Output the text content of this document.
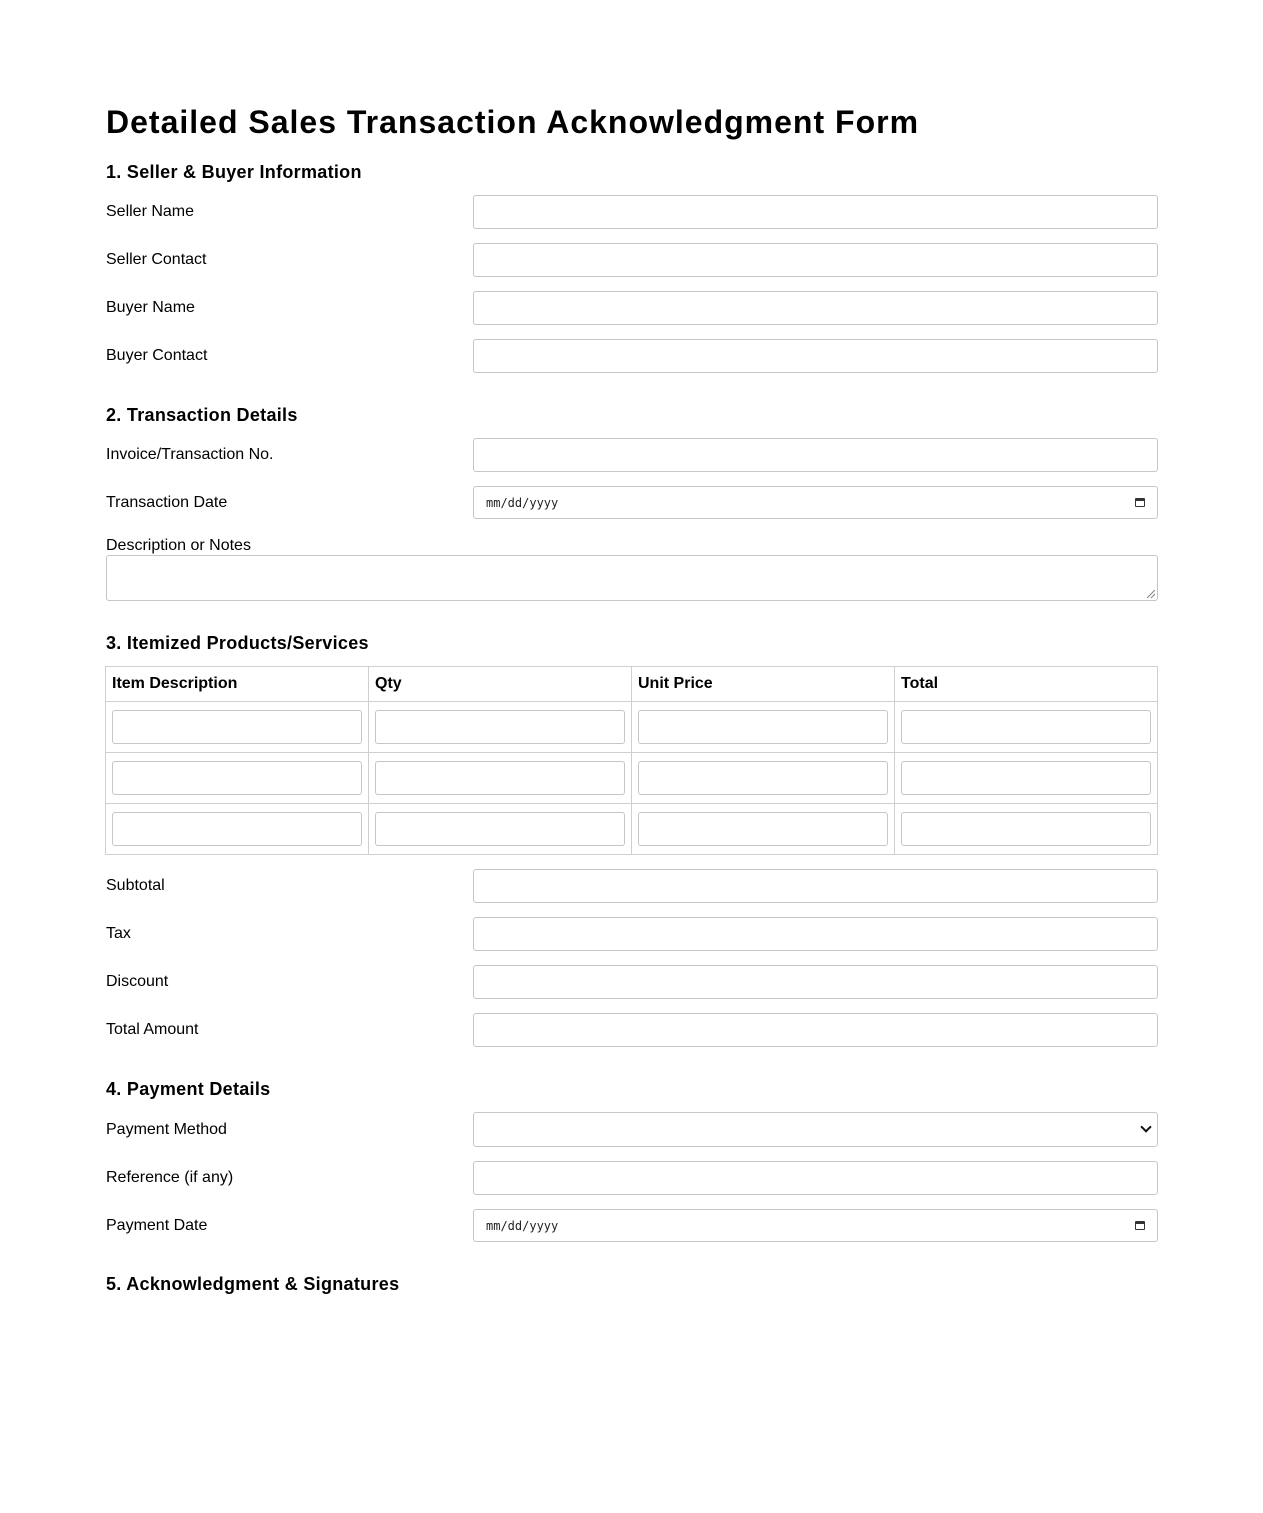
Detailed Sales Transaction Acknowledgment Form
1. Seller & Buyer Information
Seller Name
Seller Contact
Buyer Name
Buyer Contact
2. Transaction Details
Invoice/Transaction No.
Transaction Date	mm/dd/yyyy
Description or Notes
3. Itemized Products/Services
Item Description	Qty	Unit Price	Total

Subtotal
Tax
Discount
Total Amount
4. Payment Details
Payment Method
Reference (if any)
Payment Date	mm/dd/yyyy
5. Acknowledgment & Signatures
